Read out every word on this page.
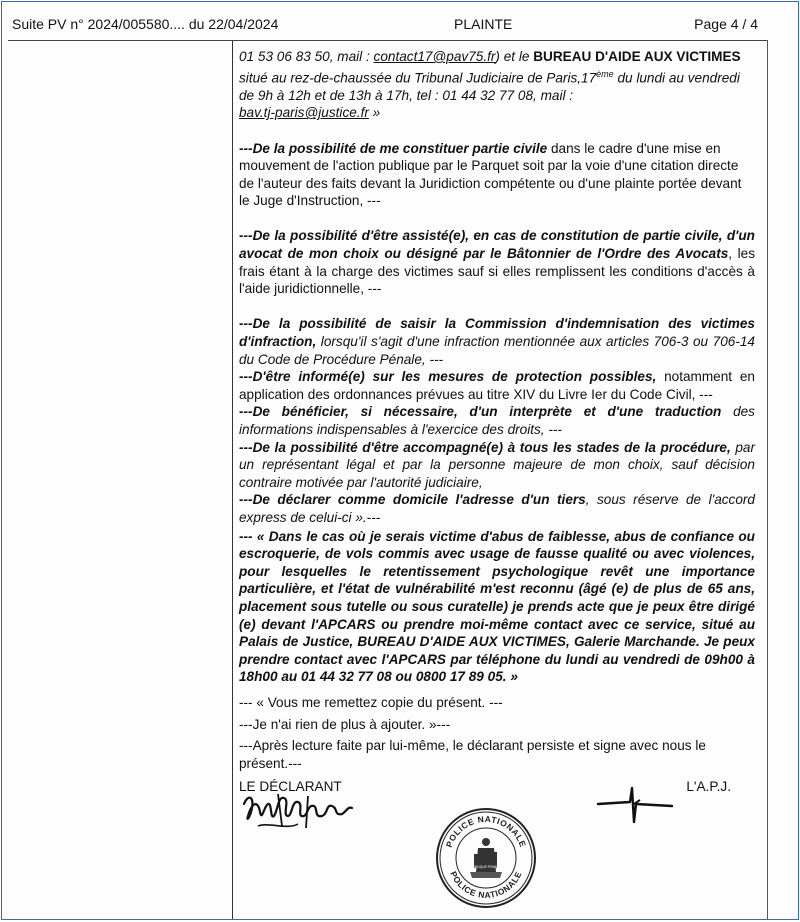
Suite PV n° 2024/005580.... du 22/04/2024	PLAINTE	Page 4 / 4

01 53 06 83 50, mail : contact17@pav75.fr) et le BUREAU D'AIDE AUX VICTIMES
situé au rez-de-chaussée du Tribunal Judiciaire de Paris,17ème du lundi au vendredi de 9h à 12h et de 13h à 17h, tel : 01 44 32 77 08, mail :
bav.tj-paris@justice.fr »

---De la possibilité de me constituer partie civile dans le cadre d'une mise en mouvement de l'action publique par le Parquet soit par la voie d'une citation directe de l'auteur des faits devant la Juridiction compétente ou d'une plainte portée devant le Juge d'Instruction, ---

---De la possibilité d'être assisté(e), en cas de constitution de partie civile, d'un avocat de mon choix ou désigné par le Bâtonnier de l'Ordre des Avocats, les frais étant à la charge des victimes sauf si elles remplissent les conditions d'accès à l'aide juridictionnelle, ---

---De la possibilité de saisir la Commission d'indemnisation des victimes d'infraction, lorsqu'il s'agit d'une infraction mentionnée aux articles 706-3 ou 706-14 du Code de Procédure Pénale, ---

---D'être informé(e) sur les mesures de protection possibles, notamment en application des ordonnances prévues au titre XIV du Livre Ier du Code Civil, ---

---De bénéficier, si nécessaire, d'un interprète et d'une traduction des informations indispensables à l'exercice des droits, ---

---De la possibilité d'être accompagné(e) à tous les stades de la procédure, par un représentant légal et par la personne majeure de mon choix, sauf décision contraire motivée par l'autorité judiciaire,

---De déclarer comme domicile l'adresse d'un tiers, sous réserve de l'accord express de celui-ci ».---

--- « Dans le cas où je serais victime d'abus de faiblesse, abus de confiance ou escroquerie, de vols commis avec usage de fausse qualité ou avec violences, pour lesquelles le retentissement psychologique revêt une importance particulière, et l'état de vulnérabilité m'est reconnu (âgé (e) de plus de 65 ans, placement sous tutelle ou sous curatelle) je prends acte que je peux être dirigé (e) devant l'APCARS ou prendre moi-même contact avec ce service, situé au Palais de Justice, BUREAU D'AIDE AUX VICTIMES, Galerie Marchande. Je peux prendre contact avec l'APCARS par téléphone du lundi au vendredi de 09h00 à 18h00 au 01 44 32 77 08 ou 0800 17 89 05. »

--- « Vous me remettez copie du présent. ---

---Je n'ai rien de plus à ajouter. »---

---Après lecture faite par lui-même, le déclarant persiste et signe avec nous le présent.---

LE DÉCLARANT	L'A.P.J.
POLICE NATIONALE
POLICE NATIONALE
RÉPUBLIQUE FRANÇAISE
